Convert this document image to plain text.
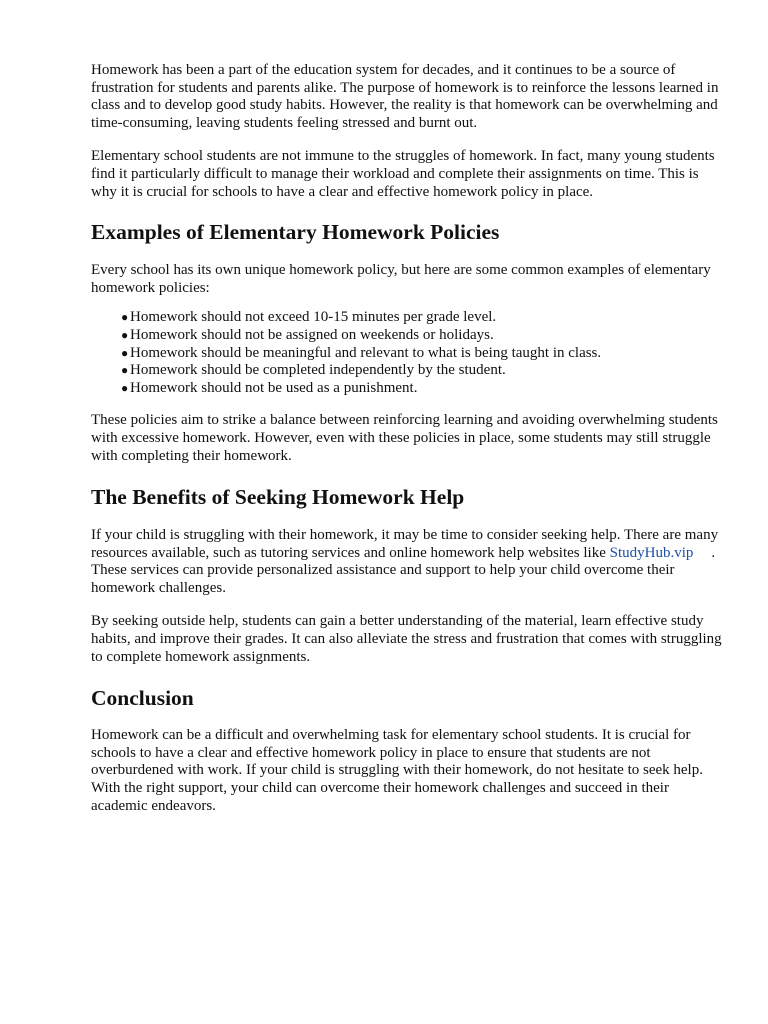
Homework has been a part of the education system for decades, and it continues to be a source of frustration for students and parents alike. The purpose of homework is to reinforce the lessons learned in class and to develop good study habits. However, the reality is that homework can be overwhelming and time-consuming, leaving students feeling stressed and burnt out.

Elementary school students are not immune to the struggles of homework. In fact, many young students find it particularly difficult to manage their workload and complete their assignments on time. This is why it is crucial for schools to have a clear and effective homework policy in place.

Examples of Elementary Homework Policies

Every school has its own unique homework policy, but here are some common examples of elementary homework policies:

● Homework should not exceed 10-15 minutes per grade level.
● Homework should not be assigned on weekends or holidays.
● Homework should be meaningful and relevant to what is being taught in class.
● Homework should be completed independently by the student.
● Homework should not be used as a punishment.

These policies aim to strike a balance between reinforcing learning and avoiding overwhelming students with excessive homework. However, even with these policies in place, some students may still struggle with completing their homework.

The Benefits of Seeking Homework Help

If your child is struggling with their homework, it may be time to consider seeking help. There are many resources available, such as tutoring services and online homework help websites like StudyHub.vip . These services can provide personalized assistance and support to help your child overcome their homework challenges.

By seeking outside help, students can gain a better understanding of the material, learn effective study habits, and improve their grades. It can also alleviate the stress and frustration that comes with struggling to complete homework assignments.

Conclusion

Homework can be a difficult and overwhelming task for elementary school students. It is crucial for schools to have a clear and effective homework policy in place to ensure that students are not overburdened with work. If your child is struggling with their homework, do not hesitate to seek help. With the right support, your child can overcome their homework challenges and succeed in their academic endeavors.
